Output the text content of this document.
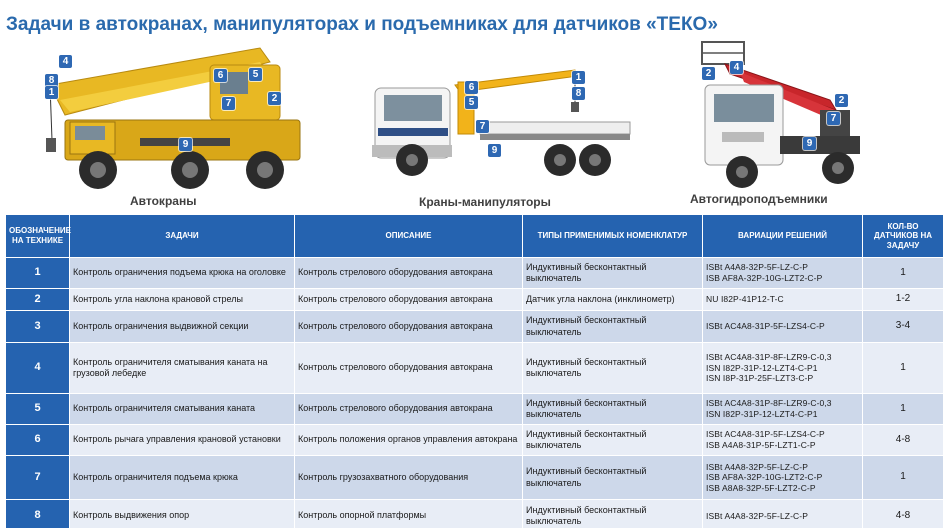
Задачи в автокранах, манипуляторах и подъемниках для датчиков «ТЕКО»
4
8
1
6	5
7	2
9
Автокраны
1
8
6
5
7
9
Краны-манипуляторы
2
4
2
7
9
Автогидроподъемники
ОБОЗНАЧЕНИЕ НА ТЕХНИКЕ	ЗАДАЧИ	ОПИСАНИЕ	ТИПЫ ПРИМЕНИМЫХ НОМЕНКЛАТУР	ВАРИАЦИИ РЕШЕНИЙ	КОЛ-ВО ДАТЧИКОВ НА ЗАДАЧУ
1	Контроль ограничения подъема крюка на оголовке	Контроль стрелового оборудования автокрана	Индуктивный бесконтактный выключатель	ISBt A4A8-32P-5F-LZ-C-P
ISB AF8A-32P-10G-LZT2-C-P	1
2	Контроль угла наклона крановой стрелы	Контроль стрелового оборудования автокрана	Датчик угла наклона (инклинометр)	NU I82P-41P12-T-C	1-2
3	Контроль ограничения выдвижной секции	Контроль стрелового оборудования автокрана	Индуктивный бесконтактный выключатель	ISBt AC4A8-31P-5F-LZS4-C-P	3-4
4	Контроль ограничителя сматывания каната на грузовой лебедке	Контроль стрелового оборудования автокрана	Индуктивный бесконтактный выключатель	ISBt AC4A8-31P-8F-LZR9-C-0,3
ISN I82P-31P-12-LZT4-C-P1
ISN I8P-31P-25F-LZT3-C-P	1
5	Контроль ограничителя сматывания каната	Контроль стрелового оборудования автокрана	Индуктивный бесконтактный выключатель	ISBt AC4A8-31P-8F-LZR9-C-0,3
ISN I82P-31P-12-LZT4-C-P1	1
6	Контроль рычага управления крановой установки	Контроль положения органов управления автокрана	Индуктивный бесконтактный выключатель	ISBt AC4A8-31P-5F-LZS4-C-P
ISB A4A8-31P-5F-LZT1-C-P	4-8
7	Контроль ограничителя подъема крюка	Контроль грузозахватного оборудования	Индуктивный бесконтактный выключатель	ISBt A4A8-32P-5F-LZ-C-P
ISB AF8A-32P-10G-LZT2-C-P
ISB A8A8-32P-5F-LZT2-C-P	1
8	Контроль выдвижения опор	Контроль опорной платформы	Индуктивный бесконтактный выключатель	ISBt A4A8-32P-5F-LZ-C-P	4-8
